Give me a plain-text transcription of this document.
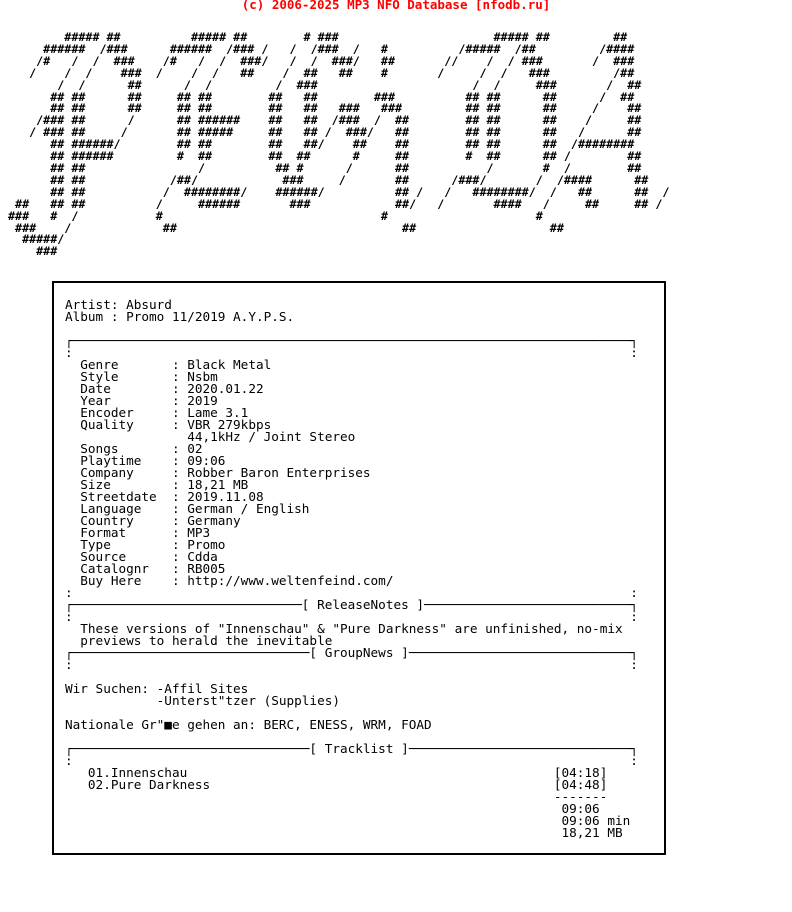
(c) 2006-2025 MP3 NFO Database [nfodb.ru]
##### ##          ##### ##        # ###                      ##### ##         ##
######  /###      ######  /### /   /  /###  /   #          /#####  /##         /####
/#   /  /  ###    /#   /  /  ###/   /  /  ###/   ##       //    /  / ###       /  ###
/    /  /    ###  /    /  /   ##    /  ##   ##    #       /     /  /   ###         /##
/  /      ##      /  /         /  ###                      /  /     ###       /  ##
## ##      ##     ## ##        ##   ##        ###          ## ##      ##      /  ##
## ##      ##     ## ##        ##   ##   ###   ###         ## ##      ##     /    ##
/### ##      /      ## ######    ##   ##  /###  /  ##        ## ##      ##    /     ##
/ ### ##     /       ## #####     ##   ## /  ###/   ##        ## ##      ##   /      ##
## ######/        ## ##        ##   ##/    ##    ##        ## ##      ##  /########
## ######         #  ##        ##  ##      #     ##        #  ##      ## /        ##
## ##                /          ## #      /      ##           /       #  /        ##
## ##            /##/            ###     /       ##      /###/       /  /####      ##
## ##           /  ########/    ######/          ## /   /   ########/  /   ##      ##  /
##   ## ##          /     ######       ###            ##/   /       ####   /     ##     ## /
###   #  /           #                               #                     #
###    /             ##                                ##                   ##
#####/
###
Artist: Absurd
Album : Promo 11/2019 A.Y.P.S.

┌─────────────────────────────────────────────────────────────────────────┐
:                                                                         :
Genre       : Black Metal
Style       : Nsbm
Date        : 2020.01.22
Year        : 2019
Encoder     : Lame 3.1
Quality     : VBR 279kbps
44,1kHz / Joint Stereo
Songs       : 02
Playtime    : 09:06
Company     : Robber Baron Enterprises
Size        : 18,21 MB
Streetdate  : 2019.11.08
Language    : German / English
Country     : Germany
Format      : MP3
Type        : Promo
Source      : Cdda
Catalognr   : RB005
Buy Here    : http://www.weltenfeind.com/
:                                                                         :
┌──────────────────────────────[ ReleaseNotes ]───────────────────────────┐
:                                                                         :
These versions of "Innenschau" & "Pure Darkness" are unfinished, no-mix
previews to herald the inevitable
┌───────────────────────────────[ GroupNews ]─────────────────────────────┐
:                                                                         :

Wir Suchen: -Affil Sites
-Unterst"tzer (Supplies)

Nationale Gr"■e gehen an: BERC, ENESS, WRM, FOAD

┌───────────────────────────────[ Tracklist ]─────────────────────────────┐
:                                                                         :
01.Innenschau                                                [04:18]
02.Pure Darkness                                             [04:48]
-------
09:06
09:06 min
18,21 MB
